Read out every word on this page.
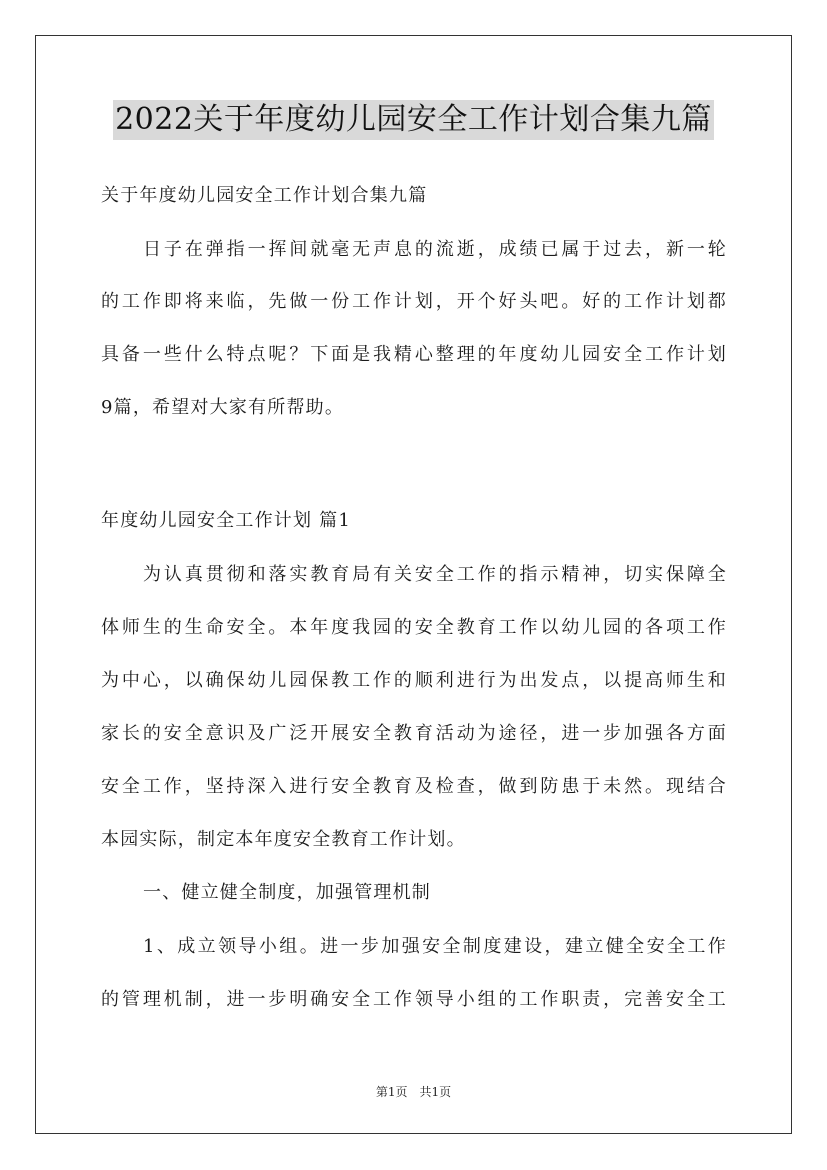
2022关于年度幼儿园安全工作计划合集九篇
关于年度幼儿园安全工作计划合集九篇
日子在弹指一挥间就毫无声息的流逝，成绩已属于过去，新一轮
的工作即将来临，先做一份工作计划，开个好头吧。好的工作计划都
具备一些什么特点呢？下面是我精心整理的年度幼儿园安全工作计划
9篇，希望对大家有所帮助。
年度幼儿园安全工作计划 篇1
为认真贯彻和落实教育局有关安全工作的指示精神，切实保障全
体师生的生命安全。本年度我园的安全教育工作以幼儿园的各项工作
为中心，以确保幼儿园保教工作的顺利进行为出发点，以提高师生和
家长的安全意识及广泛开展安全教育活动为途径，进一步加强各方面
安全工作，坚持深入进行安全教育及检查，做到防患于未然。现结合
本园实际，制定本年度安全教育工作计划。
一、健立健全制度，加强管理机制
1、成立领导小组。进一步加强安全制度建设，建立健全安全工作
的管理机制，进一步明确安全工作领导小组的工作职责，完善安全工
第1页　共1页
